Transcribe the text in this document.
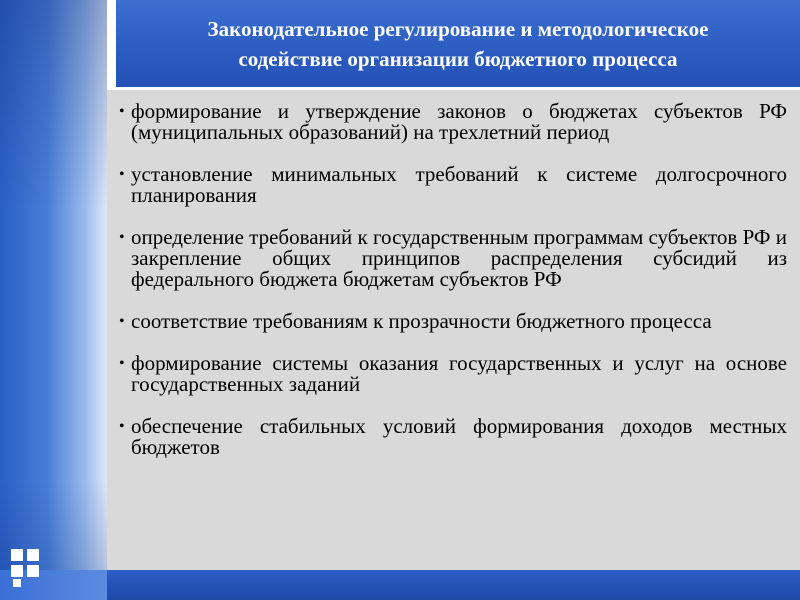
Законодательное регулирование и методологическое
содействие организации бюджетного процесса
• формирование и утверждение законов о бюджетах субъектов РФ (муниципальных образований) на трехлетний период
• установление минимальных требований к системе долгосрочного планирования
• определение требований к государственным программам субъектов РФ и закрепление общих принципов распределения субсидий из федерального бюджета бюджетам субъектов РФ
• соответствие требованиям к прозрачности бюджетного процесса
• формирование системы оказания государственных и услуг на основе государственных заданий
• обеспечение стабильных условий формирования доходов местных бюджетов
